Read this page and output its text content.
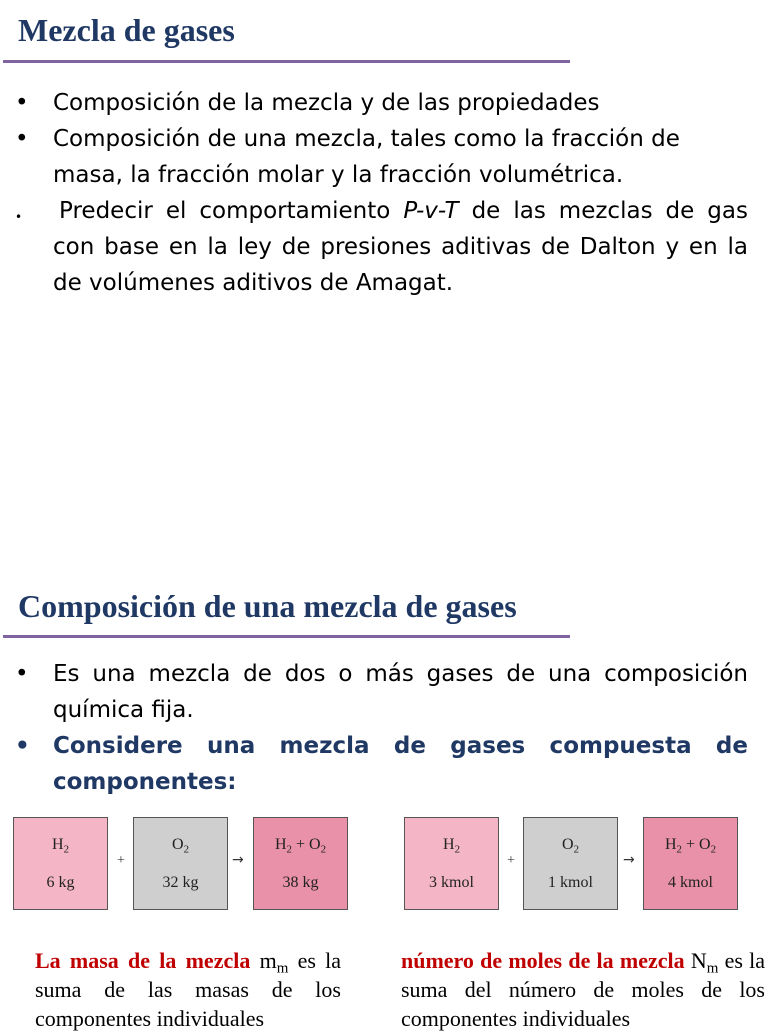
Mezcla de gases
• Composición de la mezcla y de las propiedades
• Composición de una mezcla, tales como la fracción de masa, la fracción molar y la fracción volumétrica.
• Predecir el comportamiento P-v-T de las mezclas de gas con base en la ley de presiones aditivas de Dalton y en la de volúmenes aditivos de Amagat.
Composición de una mezcla de gases
• Es una mezcla de dos o más gases de una composición química fija.
• Considere una mezcla de gases compuesta de
componentes:
$H_2$
6 kg
+
$O_2$
32 kg
→
$H_2 + O_2$
38 kg
$H_2$
3 kmol
+
$O_2$
1 kmol
→
$H_2 + O_2$
4 kmol
La masa de la mezcla $m_m$ es la suma de las masas de los componentes individuales
número de moles de la mezcla $N_m$ es la suma del número de moles de los componentes individuales
